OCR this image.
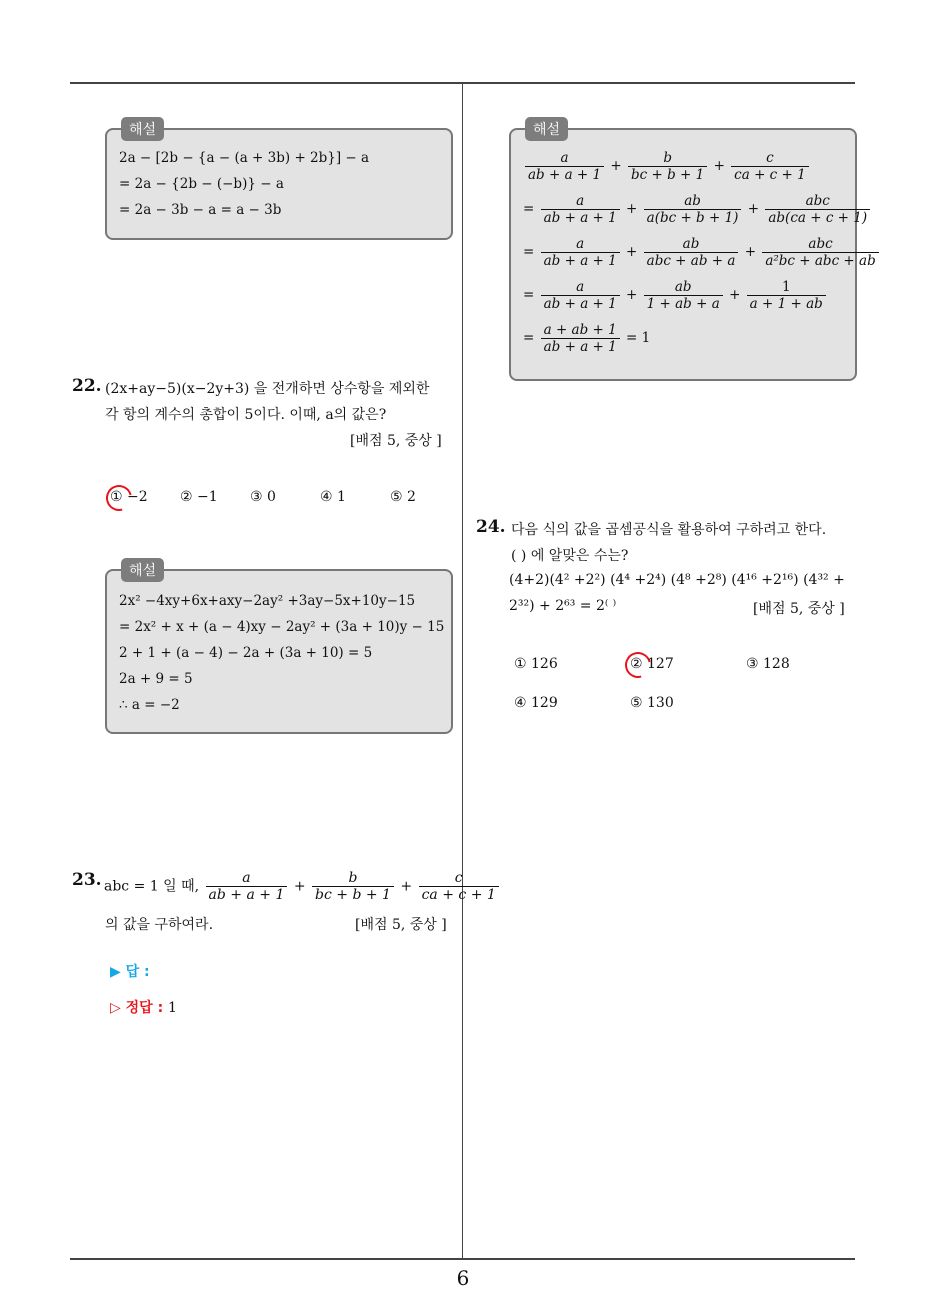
해설
2a − [2b − {a − (a + 3b) + 2b}] − a
= 2a − {2b − (−b)} − a
= 2a − 3b − a = a − 3b
22. (2x+ay−5)(x−2y+3) 을 전개하면 상수항을 제외한
각 항의 계수의 총합이 5이다. 이때, a의 값은?
[배점 5, 중상 ]
① −2 ② −1 ③ 0	④ 1	⑤ 2
해설
2x² −4xy+6x+axy−2ay² +3ay−5x+10y−15
= 2x² + x + (a − 4)xy − 2ay² + (3a + 10)y − 15
2 + 1 + (a − 4) − 2a + (3a + 10) = 5
2a + 9 = 5
∴ a = −2
23. abc = 1 일 때, $\frac{a}{ab + a + 1} + \frac{b}{bc + b + 1} + \frac{c}{ca + c + 1}$
의 값을 구하여라.	[배점 5, 중상 ]
▶ 답 :
▷ 정답 : 1
해설
$\frac{a}{ab + a + 1} + \frac{b}{bc + b + 1} + \frac{c}{ca + c + 1}$
= $\frac{a}{ab + a + 1} + \frac{ab}{a(bc + b + 1)} + \frac{\text{abc}}{ab(ca + c + 1)}$
= $\frac{a}{ab + a + 1} + \frac{ab}{\text{abc + ab + a}} + \frac{\text{abc}}{\text{a²bc + abc + ab}}$
= $\frac{a}{ab + a + 1} + \frac{ab}{1 + ab + a} + \frac{1}{a + 1 + ab}$
= $\frac{a + ab + 1}{ab + a + 1} = 1$
24. 다음 식의 값을 곱셈공식을 활용하여 구하려고 한다.
( ) 에 알맞은 수는?
(4+2)(4² +2²) (4⁴ +2⁴) (4⁸ +2⁸) (4¹⁶ +2¹⁶) (4³² +
2³²) + 2⁶³ = 2⁽ ⁾	[배점 5, 중상 ]
① 126	② 127	③ 128
④ 129	⑤ 130
6
